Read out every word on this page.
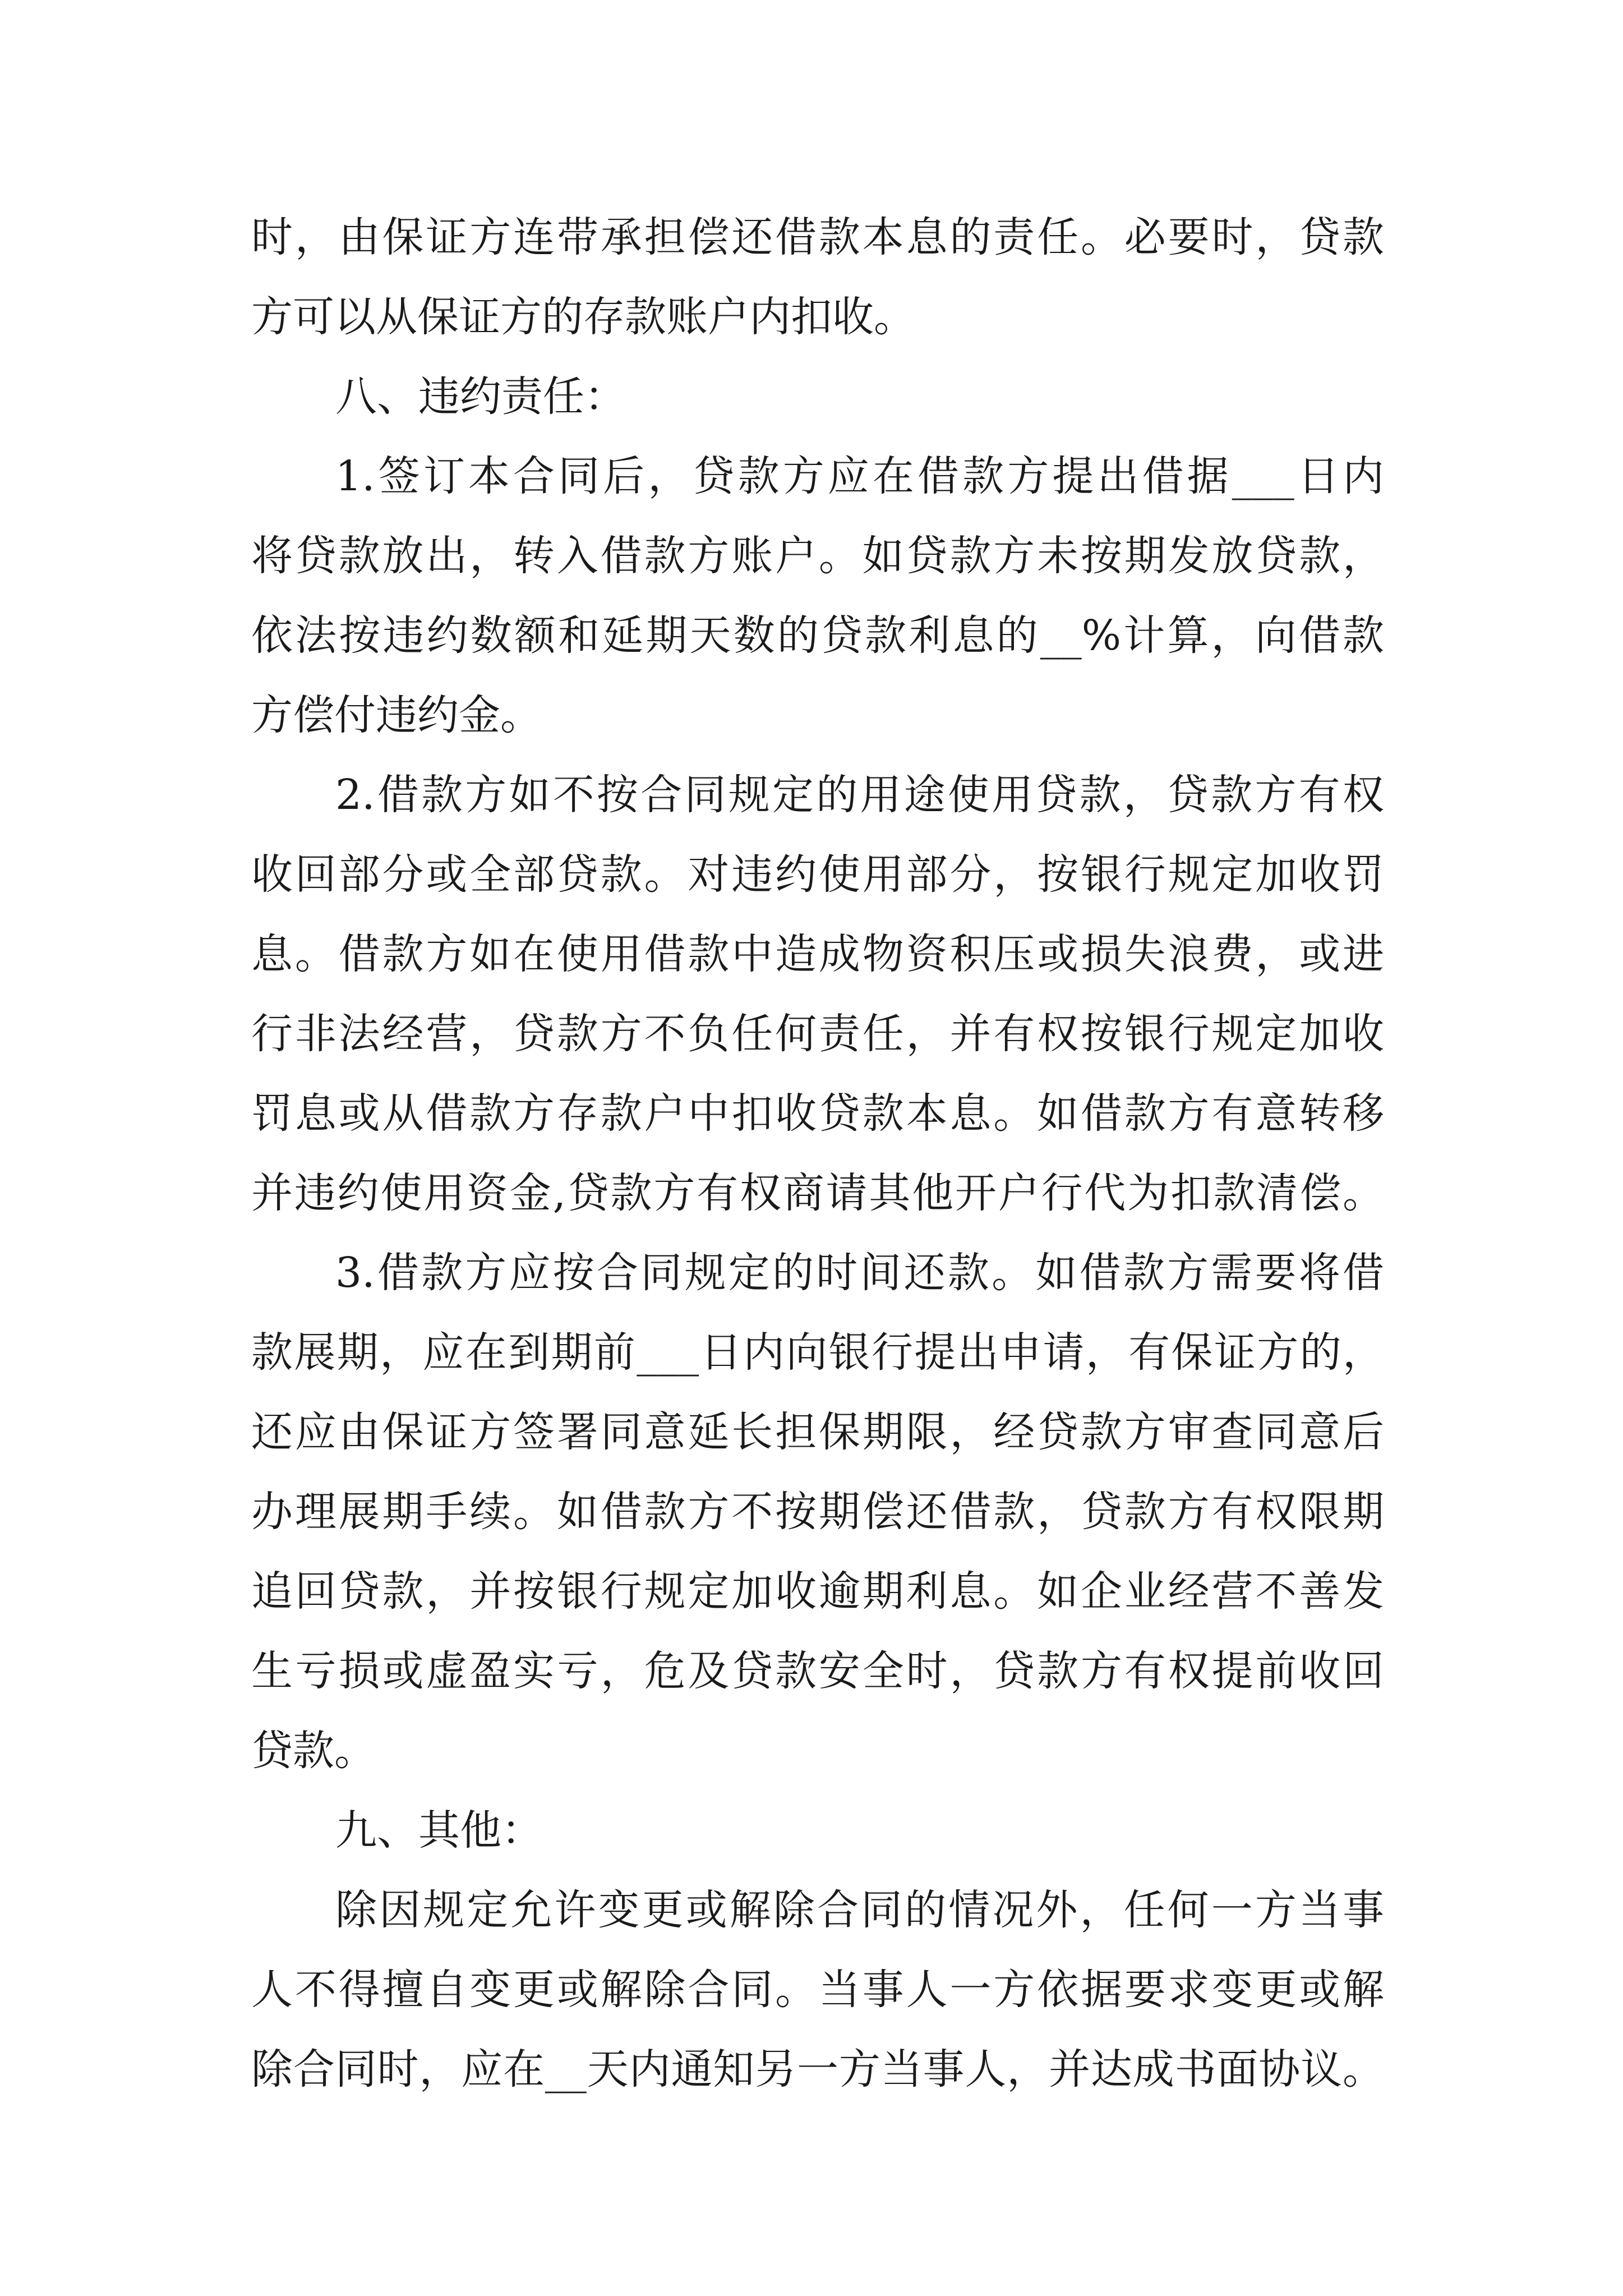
时，由保证方连带承担偿还借款本息的责任。必要时，贷款
方可以从保证方的存款账户内扣收。
八、违约责任：
1.签订本合同后，贷款方应在借款方提出借据___日内
将贷款放出，转入借款方账户。如贷款方未按期发放贷款，
依法按违约数额和延期天数的贷款利息的__%计算，向借款
方偿付违约金。
2.借款方如不按合同规定的用途使用贷款，贷款方有权
收回部分或全部贷款。对违约使用部分，按银行规定加收罚
息。借款方如在使用借款中造成物资积压或损失浪费，或进
行非法经营，贷款方不负任何责任，并有权按银行规定加收
罚息或从借款方存款户中扣收贷款本息。如借款方有意转移
并违约使用资金,贷款方有权商请其他开户行代为扣款清偿。
3.借款方应按合同规定的时间还款。如借款方需要将借
款展期，应在到期前___日内向银行提出申请，有保证方的，
还应由保证方签署同意延长担保期限，经贷款方审查同意后
办理展期手续。如借款方不按期偿还借款，贷款方有权限期
追回贷款，并按银行规定加收逾期利息。如企业经营不善发
生亏损或虚盈实亏，危及贷款安全时，贷款方有权提前收回
贷款。
九、其他：
除因规定允许变更或解除合同的情况外，任何一方当事
人不得擅自变更或解除合同。当事人一方依据要求变更或解
除合同时，应在__天内通知另一方当事人，并达成书面协议。
